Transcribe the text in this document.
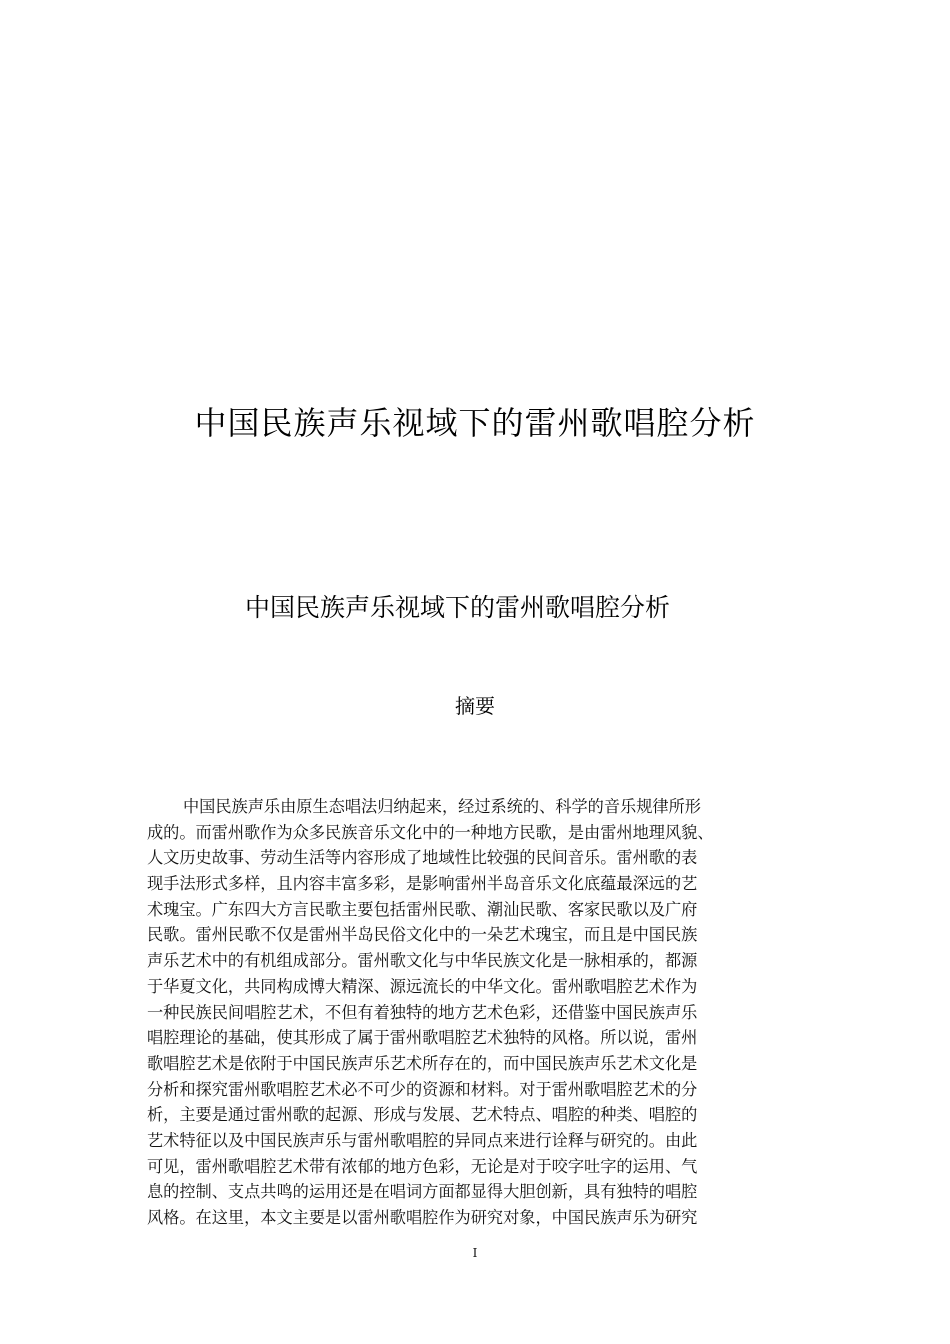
中国民族声乐视域下的雷州歌唱腔分析
中国民族声乐视域下的雷州歌唱腔分析
摘要
中国民族声乐由原生态唱法归纳起来，经过系统的、科学的音乐规律所形
成的。而雷州歌作为众多民族音乐文化中的一种地方民歌，是由雷州地理风貌、
人文历史故事、劳动生活等内容形成了地域性比较强的民间音乐。雷州歌的表
现手法形式多样，且内容丰富多彩，是影响雷州半岛音乐文化底蕴最深远的艺
术瑰宝。广东四大方言民歌主要包括雷州民歌、潮汕民歌、客家民歌以及广府
民歌。雷州民歌不仅是雷州半岛民俗文化中的一朵艺术瑰宝，而且是中国民族
声乐艺术中的有机组成部分。雷州歌文化与中华民族文化是一脉相承的，都源
于华夏文化，共同构成博大精深、源远流长的中华文化。雷州歌唱腔艺术作为
一种民族民间唱腔艺术，不但有着独特的地方艺术色彩，还借鉴中国民族声乐
唱腔理论的基础，使其形成了属于雷州歌唱腔艺术独特的风格。所以说，雷州
歌唱腔艺术是依附于中国民族声乐艺术所存在的，而中国民族声乐艺术文化是
分析和探究雷州歌唱腔艺术必不可少的资源和材料。对于雷州歌唱腔艺术的分
析，主要是通过雷州歌的起源、形成与发展、艺术特点、唱腔的种类、唱腔的
艺术特征以及中国民族声乐与雷州歌唱腔的异同点来进行诠释与研究的。由此
可见，雷州歌唱腔艺术带有浓郁的地方色彩，无论是对于咬字吐字的运用、气
息的控制、支点共鸣的运用还是在唱词方面都显得大胆创新，具有独特的唱腔
风格。在这里，本文主要是以雷州歌唱腔作为研究对象，中国民族声乐为研究
I
